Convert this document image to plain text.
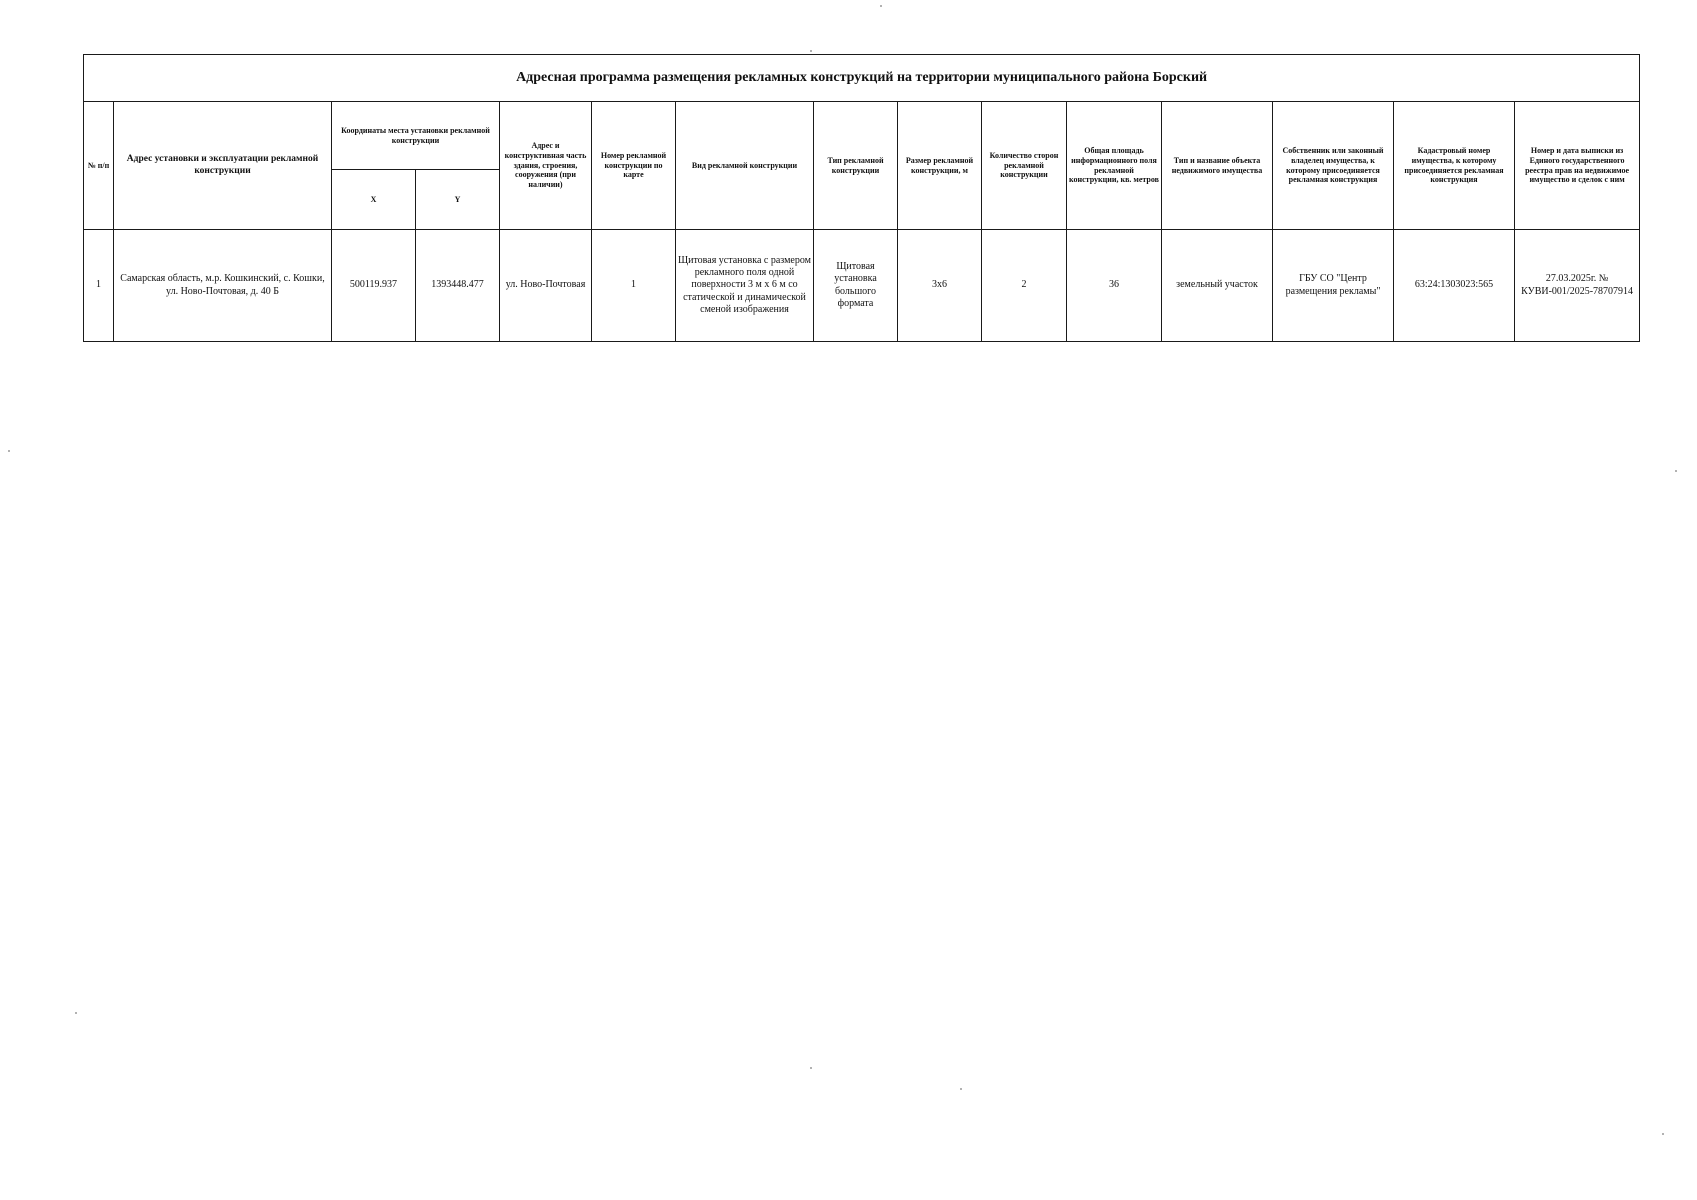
Адресная программа размещения рекламных конструкций на территории муниципального района Борский														
№ п/п	Адрес установки и эксплуатации рекламной конструкции	Координаты места установки рекламной конструкции		Адрес и конструктивная часть здания, строения, сооружения (при наличии)	Номер рекламной конструкции по карте	Вид рекламной конструкции	Тип рекламной конструкции	Размер рекламной конструкции, м	Количество сторон рекламной конструкции	Общая площадь информационного поля рекламной конструкции, кв. метров	Тип и название объекта недвижимого имущества	Собственник или законный владелец имущества, к которому присоединяется рекламная конструкция	Кадастровый номер имущества, к которому присоединяется рекламная конструкция	Номер и дата выписки из Единого государственного реестра прав на недвижимое имущество и сделок с ним
		X	Y											
1	Самарская область, м.р. Кошкинский, с. Кошки, ул. Ново-Почтовая, д. 40 Б	500119.937	1393448.477	ул. Ново-Почтовая	1	Щитовая установка с размером рекламного поля одной поверхности 3 м х 6 м со статической и динамической сменой изображения	Щитовая установка большого формата	3х6	2	36	земельный участок	ГБУ СО "Центр размещения рекламы"	63:24:1303023:565	27.03.2025г. № КУВИ-001/2025-78707914
